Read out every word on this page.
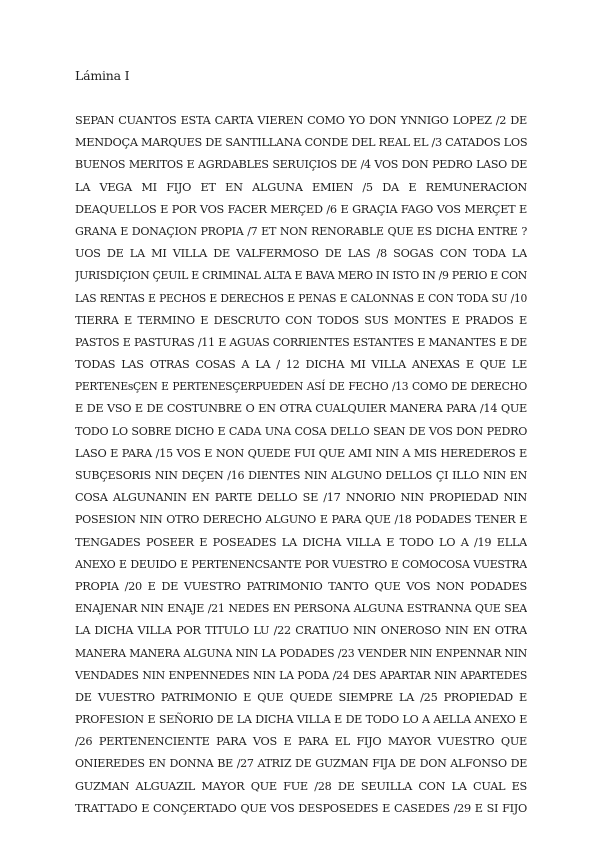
Lámina I
SEPAN CUANTOS ESTA CARTA VIEREN COMO YO DON YNNIGO LOPEZ /2 DE
MENDOÇA MARQUES DE SANTILLANA CONDE DEL REAL EL /3 CATADOS LOS
BUENOS MERITOS E AGRDABLES SERUIÇIOS DE /4 VOS DON PEDRO LASO DE
LA VEGA MI FIJO ET EN ALGUNA EMIEN /5 DA E REMUNERACION
DEAQUELLOS E POR VOS FACER MERÇED /6 E GRAÇIA FAGO VOS MERÇET E
GRANA E DONAÇION PROPIA /7 ET NON RENORABLE QUE ES DICHA ENTRE ?
UOS DE LA MI VILLA DE VALFERMOSO DE LAS /8 SOGAS CON TODA LA
JURISDIÇION ÇEUIL E CRIMINAL ALTA E BAVA MERO IN ISTO IN /9 PERIO E CON
LAS RENTAS E PECHOS E DERECHOS E PENAS E CALONNAS E CON TODA SU /10
TIERRA E TERMINO E DESCRUTO CON TODOS SUS MONTES E PRADOS E
PASTOS E PASTURAS /11 E AGUAS CORRIENTES ESTANTES E MANANTES E DE
TODAS LAS OTRAS COSAS A LA / 12 DICHA MI VILLA ANEXAS E QUE LE
PERTENEsÇEN E PERTENESÇERPUEDEN ASÍ DE FECHO /13 COMO DE DERECHO
E DE VSO E DE COSTUNBRE O EN OTRA CUALQUIER MANERA PARA /14 QUE
TODO LO SOBRE DICHO E CADA UNA COSA DELLO SEAN DE VOS DON PEDRO
LASO E PARA /15 VOS E NON QUEDE FUI QUE AMI NIN A MIS HEREDEROS E
SUBÇESORIS NIN DEÇEN /16 DIENTES NIN ALGUNO DELLOS ÇI ILLO NIN EN
COSA ALGUNANIN EN PARTE DELLO SE /17 NNORIO NIN PROPIEDAD NIN
POSESION NIN OTRO DERECHO ALGUNO E PARA QUE /18 PODADES TENER E
TENGADES POSEER E POSEADES LA DICHA VILLA E TODO LO A /19 ELLA
ANEXO E DEUIDO E PERTENENCSANTE POR VUESTRO E COMOCOSA VUESTRA
PROPIA /20 E DE VUESTRO PATRIMONIO TANTO QUE VOS NON PODADES
ENAJENAR NIN ENAJE /21 NEDES EN PERSONA ALGUNA ESTRANNA QUE SEA
LA DICHA VILLA POR TITULO LU /22 CRATIUO NIN ONEROSO NIN EN OTRA
MANERA MANERA ALGUNA NIN LA PODADES /23 VENDER NIN ENPENNAR NIN
VENDADES NIN ENPENNEDES NIN LA PODA /24 DES APARTAR NIN APARTEDES
DE VUESTRO PATRIMONIO E QUE QUEDE SIEMPRE LA /25 PROPIEDAD E
PROFESION E SEÑORIO DE LA DICHA VILLA E DE TODO LO A AELLA ANEXO E
/26 PERTENENCIENTE PARA VOS E PARA EL FIJO MAYOR VUESTRO QUE
ONIEREDES EN DONNA BE /27 ATRIZ DE GUZMAN FIJA DE DON ALFONSO DE
GUZMAN ALGUAZIL MAYOR QUE FUE /28 DE SEUILLA CON LA CUAL ES
TRATTADO E CONÇERTADO QUE VOS DESPOSEDES E CASEDES /29 E SI FIJO
